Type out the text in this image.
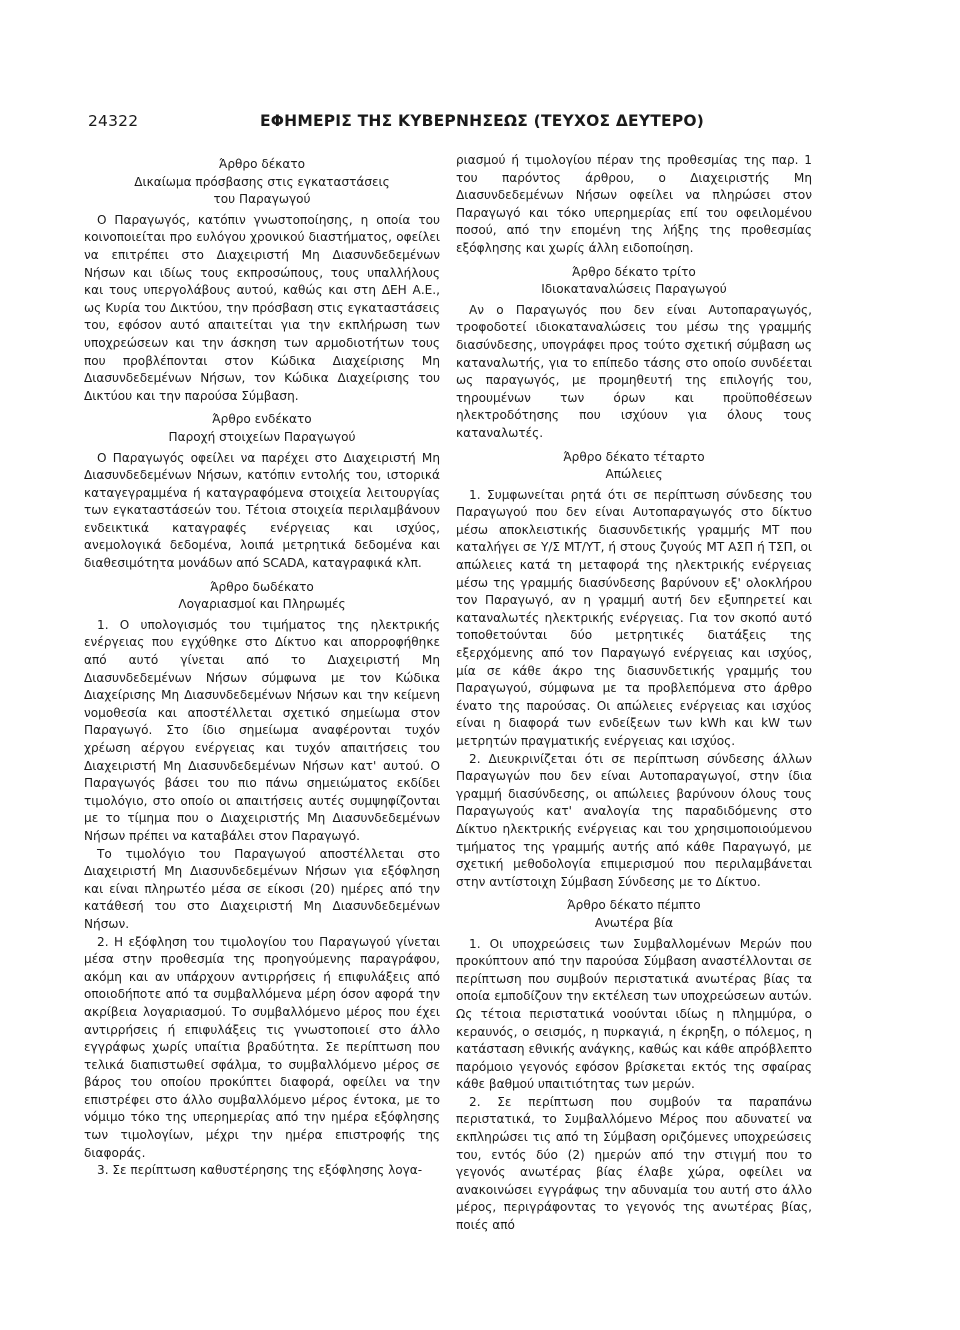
24322	ΕΦΗΜΕΡΙΣ ΤΗΣ ΚΥΒΕΡΝΗΣΕΩΣ (ΤΕΥΧΟΣ ΔΕΥΤΕΡΟ)

Άρθρο δέκατο

Δικαίωμα πρόσβασης στις εγκαταστάσεις

του Παραγωγού

Ο Παραγωγός, κατόπιν γνωστοποίησης, η οποία του κοινοποιείται προ ευλόγου χρονικού διαστήματος, οφείλει να επιτρέπει στο Διαχειριστή Μη Διασυνδεδεμένων Νήσων και ιδίως τους εκπροσώπους, τους υπαλλήλους και τους υπεργολάβους αυτού, καθώς και στη ΔΕΗ Α.Ε., ως Κυρία του Δικτύου, την πρόσβαση στις εγκαταστάσεις του, εφόσον αυτό απαιτείται για την εκπλήρωση των υποχρεώσεων και την άσκηση των αρμοδιοτήτων τους που προβλέπονται στον Κώδικα Διαχείρισης Μη Διασυνδεδεμένων Νήσων, τον Κώδικα Διαχείρισης του Δικτύου και την παρούσα Σύμβαση.

Άρθρο ενδέκατο

Παροχή στοιχείων Παραγωγού

Ο Παραγωγός οφείλει να παρέχει στο Διαχειριστή Μη Διασυνδεδεμένων Νήσων, κατόπιν εντολής του, ιστορικά καταγεγραμμένα ή καταγραφόμενα στοιχεία λειτουργίας των εγκαταστάσεών του. Τέτοια στοιχεία περιλαμβάνουν ενδεικτικά καταγραφές ενέργειας και ισχύος, ανεμολογικά δεδομένα, λοιπά μετρητικά δεδομένα και διαθεσιμότητα μονάδων από SCADA, καταγραφικά κλπ.

Άρθρο δωδέκατο

Λογαριασμοί και Πληρωμές

1. Ο υπολογισμός του τιμήματος της ηλεκτρικής ενέργειας που εγχύθηκε στο Δίκτυο και απορροφήθηκε από αυτό γίνεται από το Διαχειριστή Μη Διασυνδεδεμένων Νήσων σύμφωνα με τον Κώδικα Διαχείρισης Μη Διασυνδεδεμένων Νήσων και την κείμενη νομοθεσία και αποστέλλεται σχετικό σημείωμα στον Παραγωγό. Στο ίδιο σημείωμα αναφέρονται τυχόν χρέωση αέργου ενέργειας και τυχόν απαιτήσεις του Διαχειριστή Μη Διασυνδεδεμένων Νήσων κατ' αυτού. Ο Παραγωγός βάσει του πιο πάνω σημειώματος εκδίδει τιμολόγιο, στο οποίο οι απαιτήσεις αυτές συμψηφίζονται με το τίμημα που ο Διαχειριστής Μη Διασυνδεδεμένων Νήσων πρέπει να καταβάλει στον Παραγωγό.

Το τιμολόγιο του Παραγωγού αποστέλλεται στο Διαχειριστή Μη Διασυνδεδεμένων Νήσων για εξόφληση και είναι πληρωτέο μέσα σε είκοσι (20) ημέρες από την κατάθεσή του στο Διαχειριστή Μη Διασυνδεδεμένων Νήσων.

2. Η εξόφληση του τιμολογίου του Παραγωγού γίνεται μέσα στην προθεσμία της προηγούμενης παραγράφου, ακόμη και αν υπάρχουν αντιρρήσεις ή επιφυλάξεις από οποιοδήποτε από τα συμβαλλόμενα μέρη όσον αφορά την ακρίβεια λογαριασμού. Το συμβαλλόμενο μέρος που έχει αντιρρήσεις ή επιφυλάξεις τις γνωστοποιεί στο άλλο εγγράφως χωρίς υπαίτια βραδύτητα. Σε περίπτωση που τελικά διαπιστωθεί σφάλμα, το συμβαλλόμενο μέρος σε βάρος του οποίου προκύπτει διαφορά, οφείλει να την επιστρέφει στο άλλο συμβαλλόμενο μέρος έντοκα, με το νόμιμο τόκο της υπερημερίας από την ημέρα εξόφλησης των τιμολογίων, μέχρι την ημέρα επιστροφής της διαφοράς.

3. Σε περίπτωση καθυστέρησης της εξόφλησης λογα-

ριασμού ή τιμολογίου πέραν της προθεσμίας της παρ. 1 του παρόντος άρθρου, ο Διαχειριστής Μη Διασυνδεδεμένων Νήσων οφείλει να πληρώσει στον Παραγωγό και τόκο υπερημερίας επί του οφειλομένου ποσού, από την επομένη της λήξης της προθεσμίας εξόφλησης και χωρίς άλλη ειδοποίηση.

Άρθρο δέκατο τρίτο

Ιδιοκαταναλώσεις Παραγωγού

Αν ο Παραγωγός που δεν είναι Αυτοπαραγωγός, τροφοδοτεί ιδιοκαταναλώσεις του μέσω της γραμμής διασύνδεσης, υπογράφει προς τούτο σχετική σύμβαση ως καταναλωτής, για το επίπεδο τάσης στο οποίο συνδέεται ως παραγωγός, με προμηθευτή της επιλογής του, τηρουμένων των όρων και προϋποθέσεων ηλεκτροδότησης που ισχύουν για όλους τους καταναλωτές.

Άρθρο δέκατο τέταρτο

Απώλειες

1. Συμφωνείται ρητά ότι σε περίπτωση σύνδεσης του Παραγωγού που δεν είναι Αυτοπαραγωγός στο δίκτυο μέσω αποκλειστικής διασυνδετικής γραμμής ΜΤ που καταλήγει σε Υ/Σ ΜΤ/ΥΤ, ή στους ζυγούς ΜΤ ΑΣΠ ή ΤΣΠ, οι απώλειες κατά τη μεταφορά της ηλεκτρικής ενέργειας μέσω της γραμμής διασύνδεσης βαρύνουν εξ' ολοκλήρου τον Παραγωγό, αν η γραμμή αυτή δεν εξυπηρετεί και καταναλωτές ηλεκτρικής ενέργειας. Για τον σκοπό αυτό τοποθετούνται δύο μετρητικές διατάξεις της εξερχόμενης από τον Παραγωγό ενέργειας και ισχύος, μία σε κάθε άκρο της διασυνδετικής γραμμής του Παραγωγού, σύμφωνα με τα προβλεπόμενα στο άρθρο ένατο της παρούσας. Οι απώλειες ενέργειας και ισχύος είναι η διαφορά των ενδείξεων των kWh και kW των μετρητών πραγματικής ενέργειας και ισχύος.

2. Διευκρινίζεται ότι σε περίπτωση σύνδεσης άλλων Παραγωγών που δεν είναι Αυτοπαραγωγοί, στην ίδια γραμμή διασύνδεσης, οι απώλειες βαρύνουν όλους τους Παραγωγούς κατ' αναλογία της παραδιδόμενης στο Δίκτυο ηλεκτρικής ενέργειας και του χρησιμοποιούμενου τμήματος της γραμμής αυτής από κάθε Παραγωγό, με σχετική μεθοδολογία επιμερισμού που περιλαμβάνεται στην αντίστοιχη Σύμβαση Σύνδεσης με το Δίκτυο.

Άρθρο δέκατο πέμπτο

Ανωτέρα βία

1. Οι υποχρεώσεις των Συμβαλλομένων Μερών που προκύπτουν από την παρούσα Σύμβαση αναστέλλονται σε περίπτωση που συμβούν περιστατικά ανωτέρας βίας τα οποία εμποδίζουν την εκτέλεση των υποχρεώσεων αυτών. Ως τέτοια περιστατικά νοούνται ιδίως η πλημμύρα, ο κεραυνός, ο σεισμός, η πυρκαγιά, η έκρηξη, ο πόλεμος, η κατάσταση εθνικής ανάγκης, καθώς και κάθε απρόβλεπτο παρόμοιο γεγονός εφόσον βρίσκεται εκτός της σφαίρας κάθε βαθμού υπαιτιότητας των μερών.

2. Σε περίπτωση που συμβούν τα παραπάνω περιστατικά, το Συμβαλλόμενο Μέρος που αδυνατεί να εκπληρώσει τις από τη Σύμβαση οριζόμενες υποχρεώσεις του, εντός δύο (2) ημερών από την στιγμή που το γεγονός ανωτέρας βίας έλαβε χώρα, οφείλει να ανακοινώσει εγγράφως την αδυναμία του αυτή στο άλλο μέρος, περιγράφοντας το γεγονός της ανωτέρας βίας, ποιές από
